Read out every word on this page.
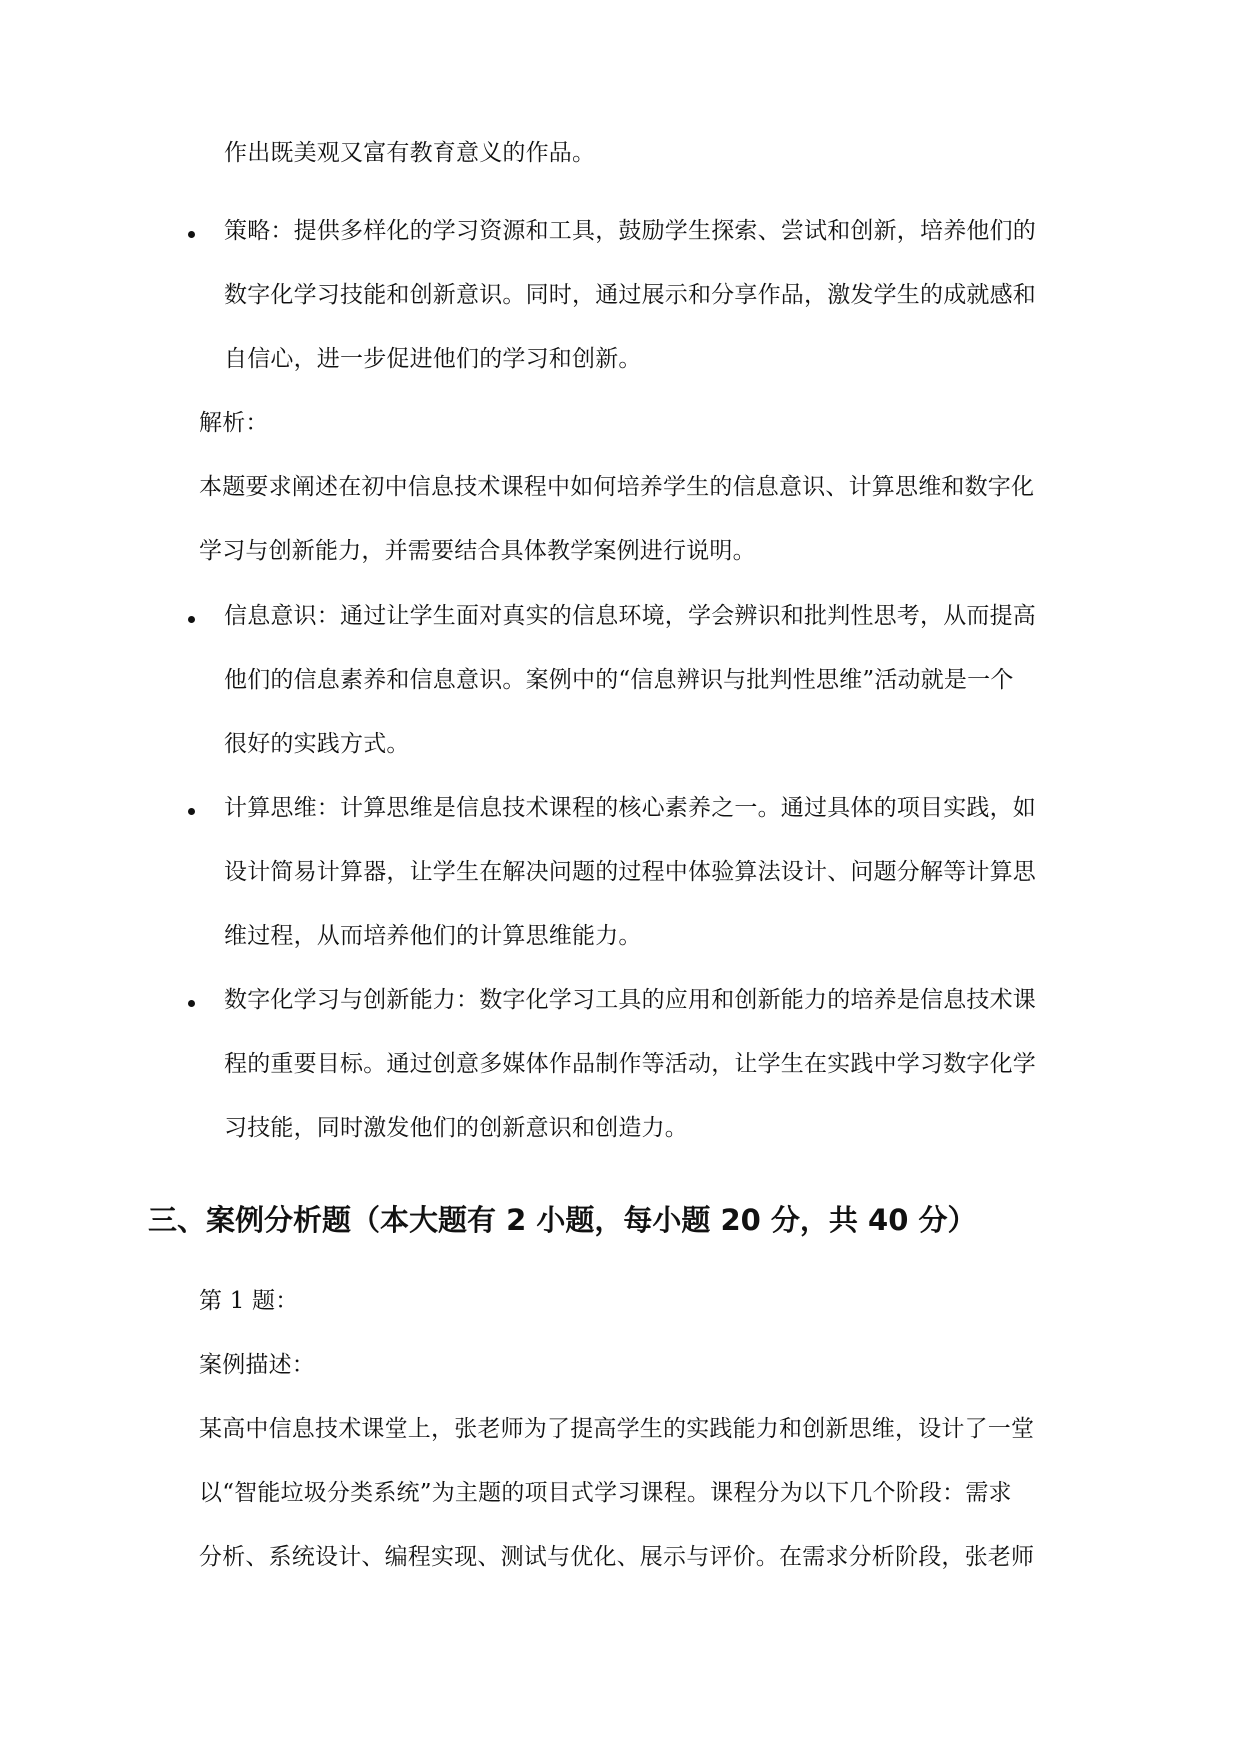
作出既美观又富有教育意义的作品。
策略：提供多样化的学习资源和工具，鼓励学生探索、尝试和创新，培养他们的
数字化学习技能和创新意识。同时，通过展示和分享作品，激发学生的成就感和
自信心，进一步促进他们的学习和创新。
解析：
本题要求阐述在初中信息技术课程中如何培养学生的信息意识、计算思维和数字化
学习与创新能力，并需要结合具体教学案例进行说明。
信息意识：通过让学生面对真实的信息环境，学会辨识和批判性思考，从而提高
他们的信息素养和信息意识。案例中的“信息辨识与批判性思维”活动就是一个
很好的实践方式。
计算思维：计算思维是信息技术课程的核心素养之一。通过具体的项目实践，如
设计简易计算器，让学生在解决问题的过程中体验算法设计、问题分解等计算思
维过程，从而培养他们的计算思维能力。
数字化学习与创新能力：数字化学习工具的应用和创新能力的培养是信息技术课
程的重要目标。通过创意多媒体作品制作等活动，让学生在实践中学习数字化学
习技能，同时激发他们的创新意识和创造力。
三、案例分析题（本大题有 2 小题，每小题 20 分，共 40 分）
第 1 题：
案例描述：
某高中信息技术课堂上，张老师为了提高学生的实践能力和创新思维，设计了一堂
以“智能垃圾分类系统”为主题的项目式学习课程。课程分为以下几个阶段：需求
分析、系统设计、编程实现、测试与优化、展示与评价。在需求分析阶段，张老师
